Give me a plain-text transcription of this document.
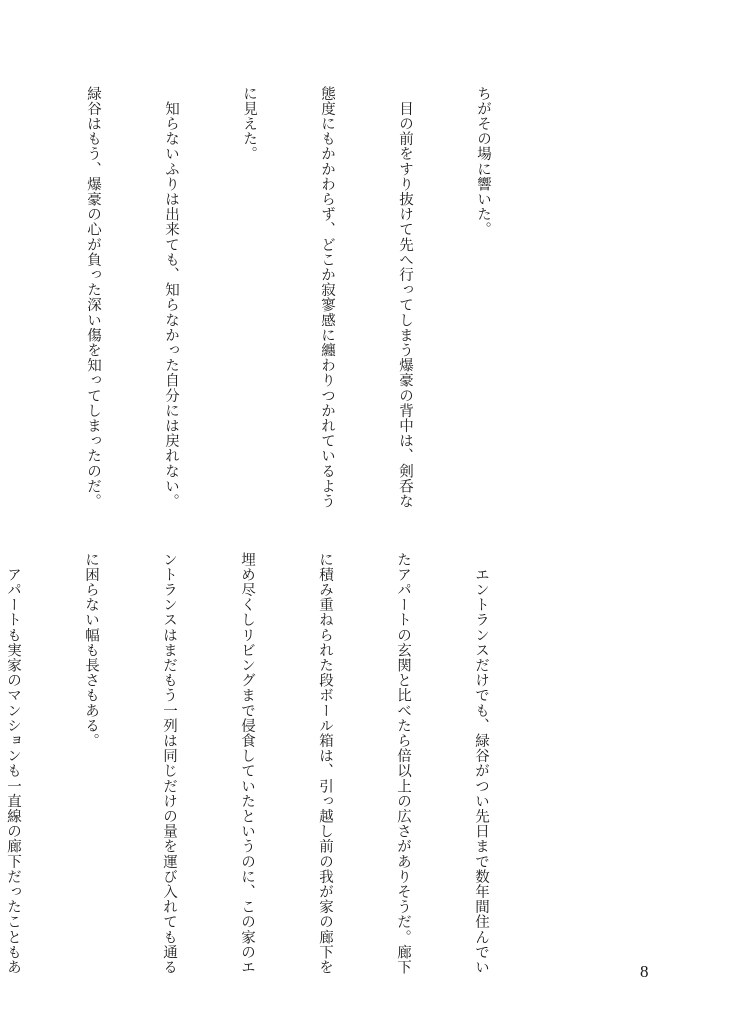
ちがその場に響いた。

　目の前をすり抜けて先へ行ってしまう爆豪の背中は、剣呑な

態度にもかかわらず、どこか寂寥感に纏わりつかれているよう

に見えた。

　知らないふりは出来ても、知らなかった自分には戻れない。

緑谷はもう、爆豪の心が負った深い傷を知ってしまったのだ。

　エントランスだけでも、緑谷がつい先日まで数年間住んでい

たアパートの玄関と比べたら倍以上の広さがありそうだ。廊下

に積み重ねられた段ボール箱は、引っ越し前の我が家の廊下を

埋め尽くしリビングまで侵食していたというのに、この家のエ

ントランスはまだもう一列は同じだけの量を運び入れても通る

に困らない幅も長さもある。

　アパートも実家のマンションも一直線の廊下だったこともあ

	8
